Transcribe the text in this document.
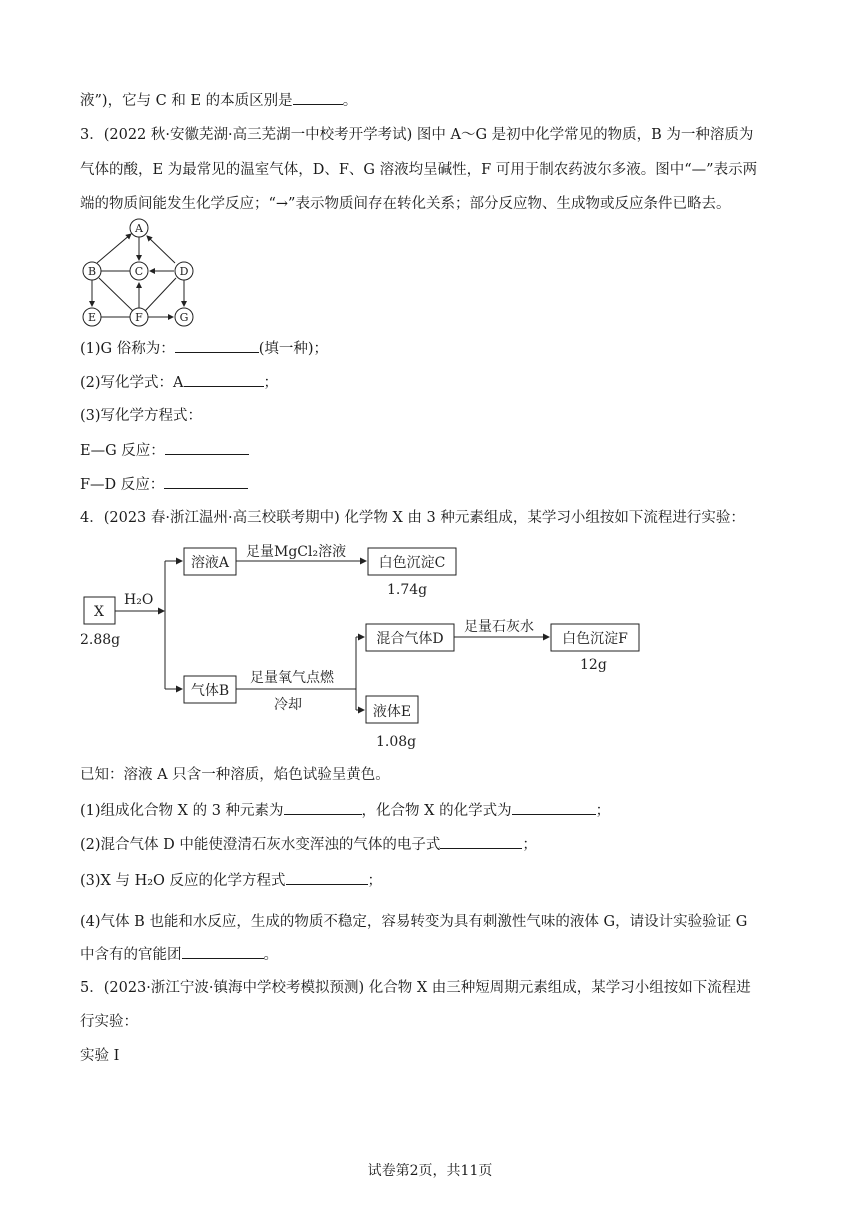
液”)，它与 C 和 E 的本质区别是	。
3．(2022 秋·安徽芜湖·高三芜湖一中校考开学考试) 图中 A～G 是初中化学常见的物质，B 为一种溶质为
气体的酸，E 为最常见的温室气体，D、F、G 溶液均呈碱性，F 可用于制农药波尔多液。图中“—”表示两
端的物质间能发生化学反应；“→”表示物质间存在转化关系；部分反应物、生成物或反应条件已略去。
A
B	C	D
E	F	G
(1)G 俗称为：	(填一种)；
(2)写化学式：A	；
(3)写化学方程式：
E—G 反应：
F—D 反应：
4．(2023 春·浙江温州·高三校联考期中) 化学物 X 由 3 种元素组成，某学习小组按如下流程进行实验：
X
2.88g
H₂O
溶液A
足量MgCl₂溶液
白色沉淀C
1.74g
气体B
足量氧气点燃
冷却
混合气体D
足量石灰水
白色沉淀F
12g
液体E
1.08g
已知：溶液 A 只含一种溶质，焰色试验呈黄色。
(1)组成化合物 X 的 3 种元素为	，化合物 X 的化学式为	；
(2)混合气体 D 中能使澄清石灰水变浑浊的气体的电子式	；
(3)X 与 H₂O 反应的化学方程式	；
(4)气体 B 也能和水反应，生成的物质不稳定，容易转变为具有刺激性气味的液体 G，请设计实验验证 G
中含有的官能团	。
5．(2023·浙江宁波·镇海中学校考模拟预测) 化合物 X 由三种短周期元素组成，某学习小组按如下流程进
行实验：
实验 I
试卷第2页，共11页
